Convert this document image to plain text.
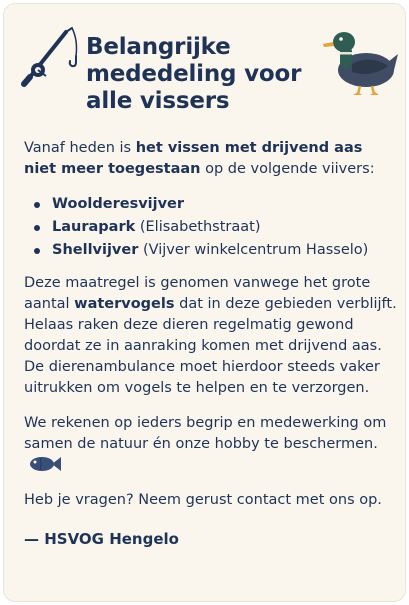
Belangrijke
mededeling voor
alle vissers

Vanaf heden is het vissen met drijvend aas niet meer toegestaan op de volgende viivers:

Woolderesvijver
Laurapark (Elisabethstraat)
Shellvijver (Vijver winkelcentrum Hasselo)

Deze maatregel is genomen vanwege het grote aantal watervogels dat in deze gebieden verblijft. Helaas raken deze dieren regelmatig gewond doordat ze in aanraking komen met drijvend aas. De dierenambulance moet hierdoor steeds vaker uitrukken om vogels te helpen en te verzorgen.

We rekenen op ieders begrip en medewerking om samen de natuur én onze hobby te beschermen.

Heb je vragen? Neem gerust contact met ons op.

— HSVOG Hengelo
